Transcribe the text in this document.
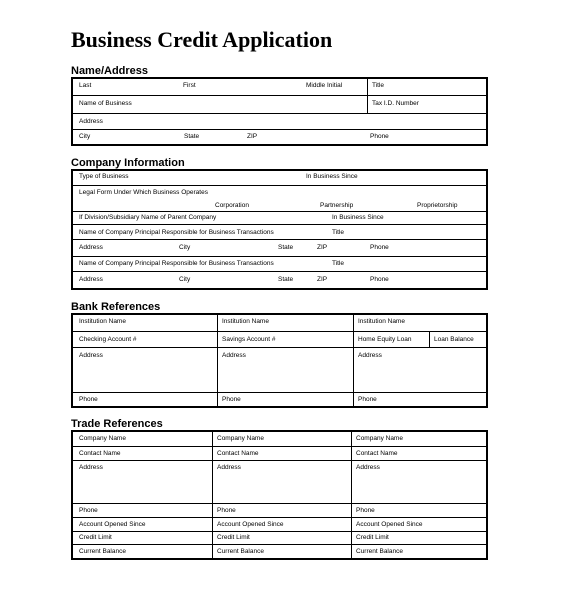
Business Credit Application
Name/Address
Last	First	Middle Initial	Title
Name of Business	Tax I.D. Number
Address
City	State	ZIP	Phone
Company Information
Type of Business	In Business Since
Legal Form Under Which Business Operates
Corporation	Partnership	Proprietorship
If Division/Subsidiary Name of Parent Company	In Business Since
Name of Company Principal Responsible for Business Transactions	Title
Address	City	State	ZIP	Phone
Name of Company Principal Responsible for Business Transactions	Title
Address	City	State	ZIP	Phone
Bank References
Institution Name	Institution Name	Institution Name
Checking Account #	Savings Account #	Home Equity Loan	Loan Balance
Address	Address	Address
Phone	Phone	Phone
Trade References
Company Name	Company Name	Company Name
Contact Name	Contact Name	Contact Name
Address	Address	Address
Phone	Phone	Phone
Account Opened Since	Account Opened Since	Account Opened Since
Credit Limit	Credit Limit	Credit Limit
Current Balance	Current Balance	Current Balance
